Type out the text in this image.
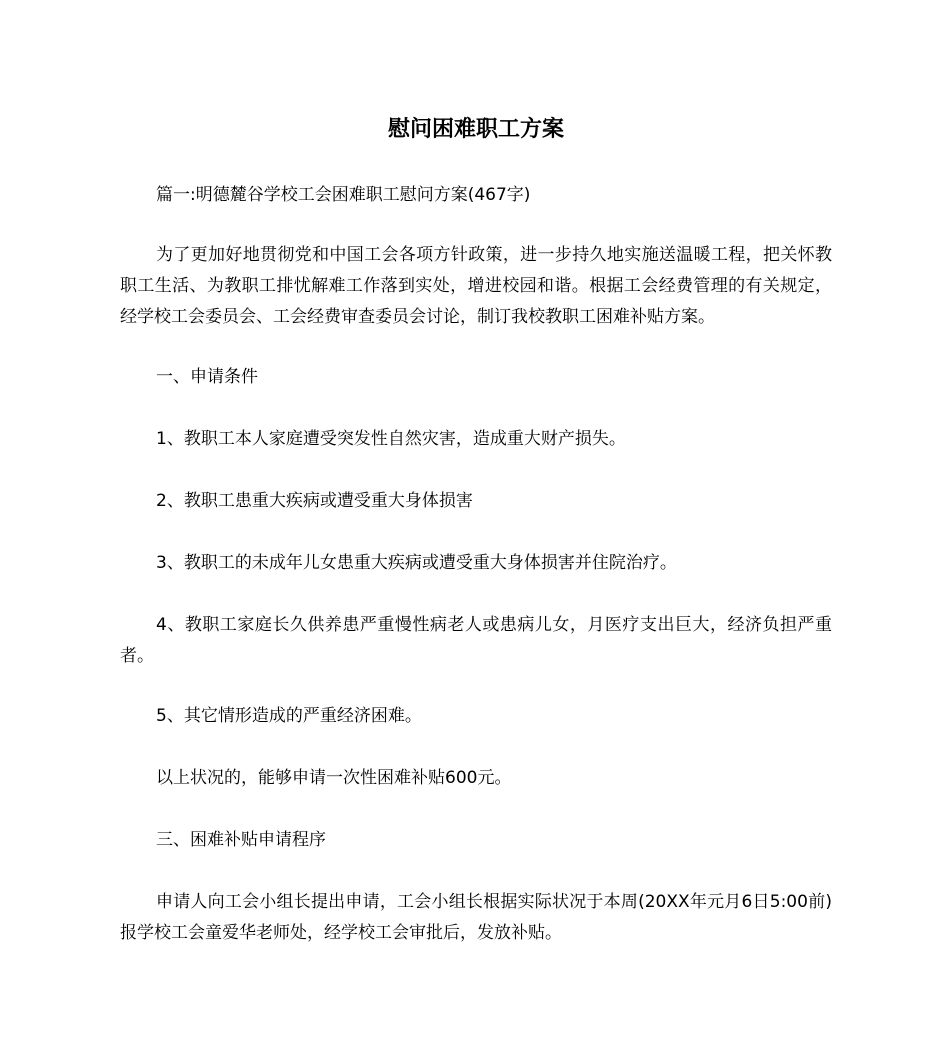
慰问困难职工方案

篇一:明德麓谷学校工会困难职工慰问方案(467字)

为了更加好地贯彻党和中国工会各项方针政策，进一步持久地实施送温暖工程，把关怀教职工生活、为教职工排忧解难工作落到实处，增进校园和谐。根据工会经费管理的有关规定，经学校工会委员会、工会经费审查委员会讨论，制订我校教职工困难补贴方案。

一、申请条件

1、教职工本人家庭遭受突发性自然灾害，造成重大财产损失。

2、教职工患重大疾病或遭受重大身体损害

3、教职工的未成年儿女患重大疾病或遭受重大身体损害并住院治疗。

4、教职工家庭长久供养患严重慢性病老人或患病儿女，月医疗支出巨大，经济负担严重者。

5、其它情形造成的严重经济困难。

以上状况的，能够申请一次性困难补贴600元。

三、困难补贴申请程序

申请人向工会小组长提出申请，工会小组长根据实际状况于本周(20XX年元月6日5:00前)报学校工会童爱华老师处，经学校工会审批后，发放补贴。
